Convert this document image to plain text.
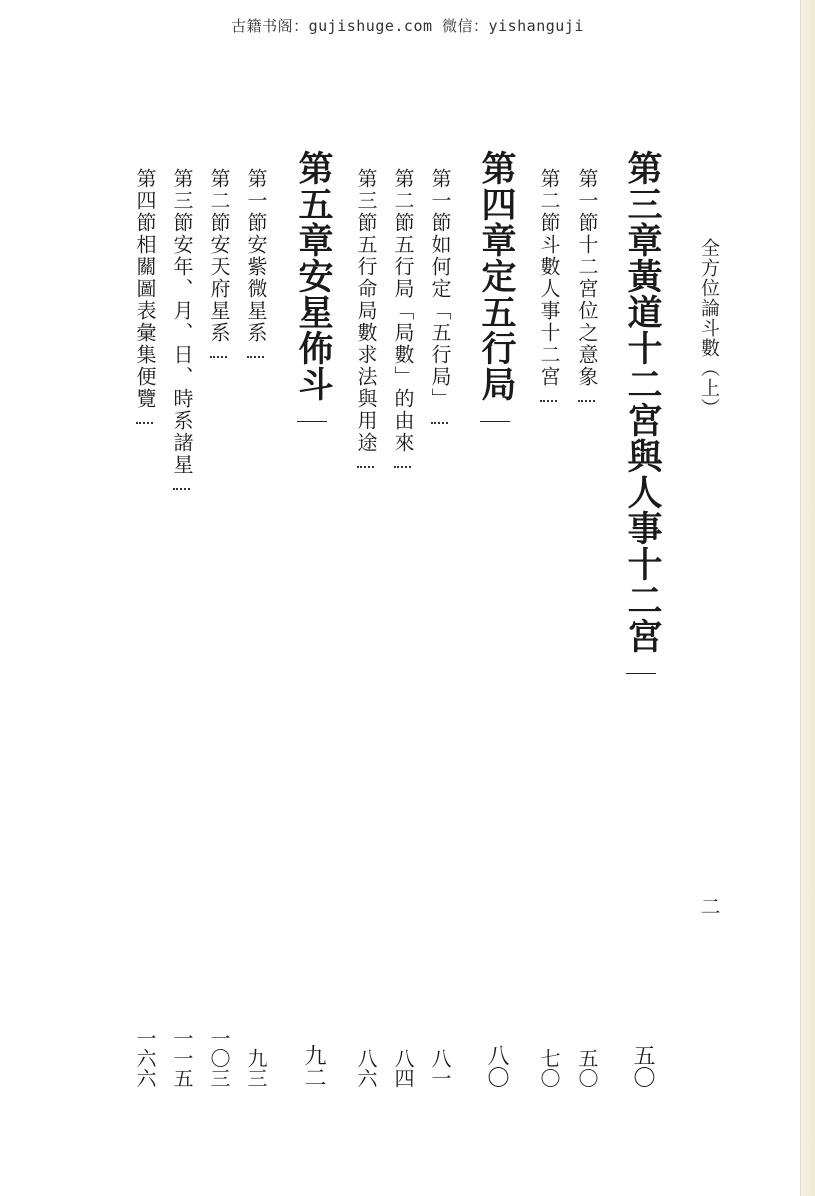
古籍书阁：gujishuge.com 微信：yishanguji
全方位論斗數（上）
二
第三章
黃道十二宮與人事十二宮
五〇
第一節
十二宮位之意象
五〇
第二節
斗數人事十二宮
七〇
第四章
定五行局
八〇
第一節
如何定「五行局」
八一
第二節
五行局「局數」的由來
八四
第三節
五行命局數求法與用途
八六
第五章
安星佈斗
九二
第一節
安紫微星系
九三
第二節
安天府星系
一〇三
第三節
安年、月、日、時系諸星
一一五
第四節
相關圖表彙集便覽
一六六
